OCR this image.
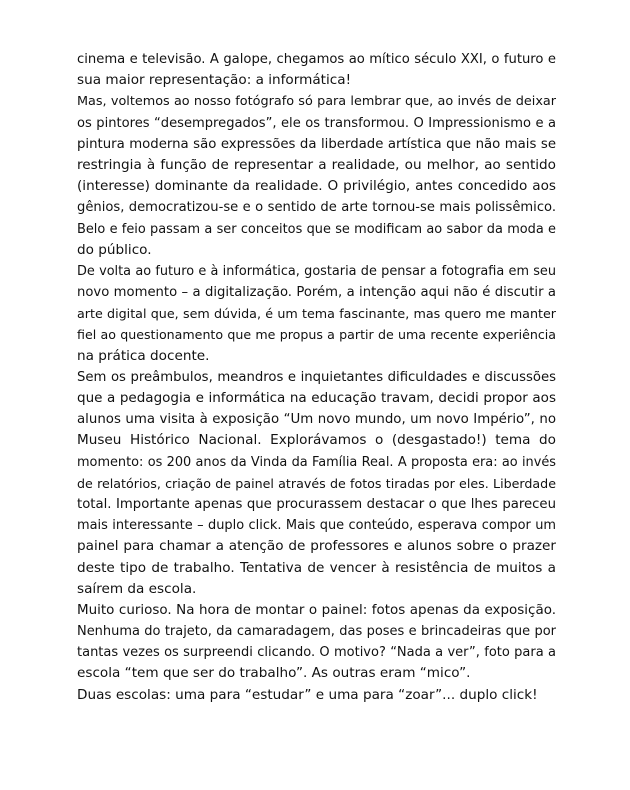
cinema e televisão. A galope, chegamos ao mítico século XXI, o futuro e
sua maior representação: a informática!
Mas, voltemos ao nosso fotógrafo só para lembrar que, ao invés de deixar
os pintores “desempregados”, ele os transformou. O Impressionismo e a
pintura moderna são expressões da liberdade artística que não mais se
restringia à função de representar a realidade, ou melhor, ao sentido
(interesse) dominante da realidade. O privilégio, antes concedido aos
gênios, democratizou-se e o sentido de arte tornou-se mais polissêmico.
Belo e feio passam a ser conceitos que se modificam ao sabor da moda e
do público.
De volta ao futuro e à informática, gostaria de pensar a fotografia em seu
novo momento – a digitalização. Porém, a intenção aqui não é discutir a
arte digital que, sem dúvida, é um tema fascinante, mas quero me manter
fiel ao questionamento que me propus a partir de uma recente experiência
na prática docente.
Sem os preâmbulos, meandros e inquietantes dificuldades e discussões
que a pedagogia e informática na educação travam, decidi propor aos
alunos uma visita à exposição “Um novo mundo, um novo Império”, no
Museu Histórico Nacional. Explorávamos o (desgastado!) tema do
momento: os 200 anos da Vinda da Família Real. A proposta era: ao invés
de relatórios, criação de painel através de fotos tiradas por eles. Liberdade
total. Importante apenas que procurassem destacar o que lhes pareceu
mais interessante – duplo click. Mais que conteúdo, esperava compor um
painel para chamar a atenção de professores e alunos sobre o prazer
deste tipo de trabalho. Tentativa de vencer à resistência de muitos a
saírem da escola.
Muito curioso. Na hora de montar o painel: fotos apenas da exposição.
Nenhuma do trajeto, da camaradagem, das poses e brincadeiras que por
tantas vezes os surpreendi clicando. O motivo? “Nada a ver”, foto para a
escola “tem que ser do trabalho”. As outras eram “mico”.
Duas escolas: uma para “estudar” e uma para “zoar”... duplo click!
